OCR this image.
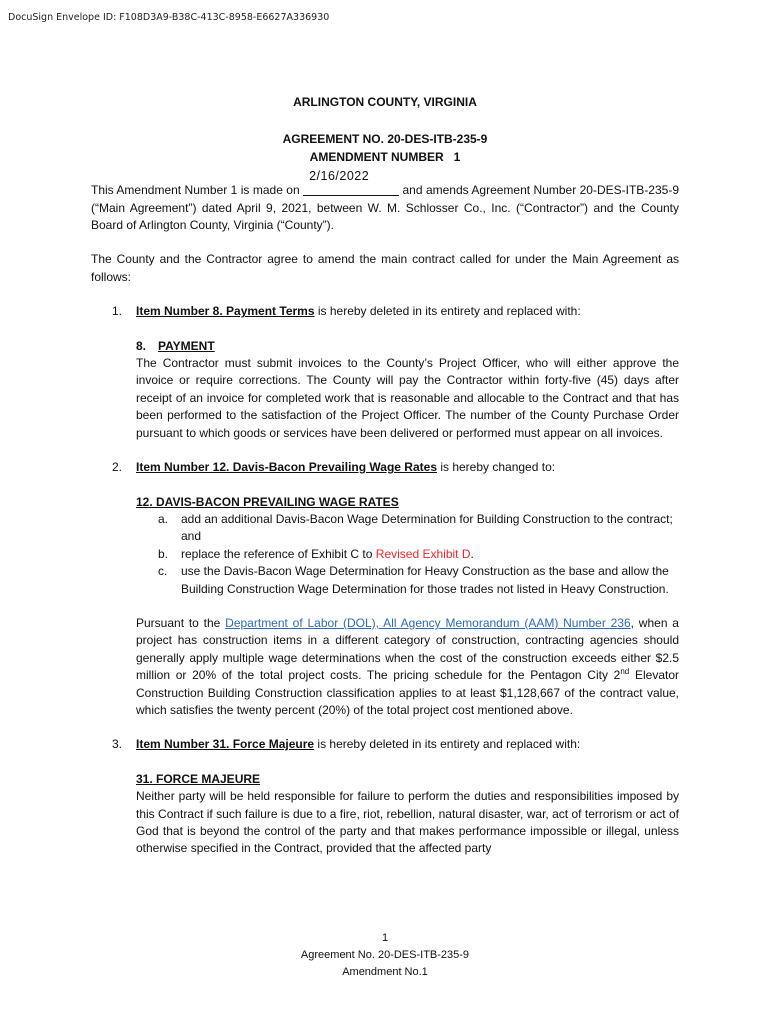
DocuSign Envelope ID: F108D3A9-B38C-413C-8958-E6627A336930

ARLINGTON COUNTY, VIRGINIA

AGREEMENT NO. 20-DES-ITB-235-9

AMENDMENT NUMBER   1

This Amendment Number 1 is made on
2/16/2022
and amends Agreement Number 20-DES-ITB-235-9 (“Main Agreement”) dated April 9, 2021, between W. M. Schlosser Co., Inc. (“Contractor”) and the County Board of Arlington County, Virginia (“County”).

The County and the Contractor agree to amend the main contract called for under the Main Agreement as follows:

1. Item Number 8. Payment Terms is hereby deleted in its entirety and replaced with:
8. PAYMENT

The Contractor must submit invoices to the County’s Project Officer, who will either approve the invoice or require corrections. The County will pay the Contractor within forty-five (45) days after receipt of an invoice for completed work that is reasonable and allocable to the Contract and that has been performed to the satisfaction of the Project Officer. The number of the County Purchase Order pursuant to which goods or services have been delivered or performed must appear on all invoices.

2. Item Number 12. Davis-Bacon Prevailing Wage Rates is hereby changed to:
12. DAVIS-BACON PREVAILING WAGE RATES
a. add an additional Davis-Bacon Wage Determination for Building Construction to the contract; and
b. replace the reference of Exhibit C to Revised Exhibit D.
c. use the Davis-Bacon Wage Determination for Heavy Construction as the base and allow the Building Construction Wage Determination for those trades not listed in Heavy Construction.

Pursuant to the Department of Labor (DOL), All Agency Memorandum (AAM) Number 236, when a project has construction items in a different category of construction, contracting agencies should generally apply multiple wage determinations when the cost of the construction exceeds either $2.5 million or 20% of the total project costs. The pricing schedule for the Pentagon City 2nd Elevator Construction Building Construction classification applies to at least $1,128,667 of the contract value, which satisfies the twenty percent (20%) of the total project cost mentioned above.

3. Item Number 31. Force Majeure is hereby deleted in its entirety and replaced with:
31. FORCE MAJEURE

Neither party will be held responsible for failure to perform the duties and responsibilities imposed by this Contract if such failure is due to a fire, riot, rebellion, natural disaster, war, act of terrorism or act of God that is beyond the control of the party and that makes performance impossible or illegal, unless otherwise specified in the Contract, provided that the affected party

1
Agreement No. 20-DES-ITB-235-9
Amendment No.1
